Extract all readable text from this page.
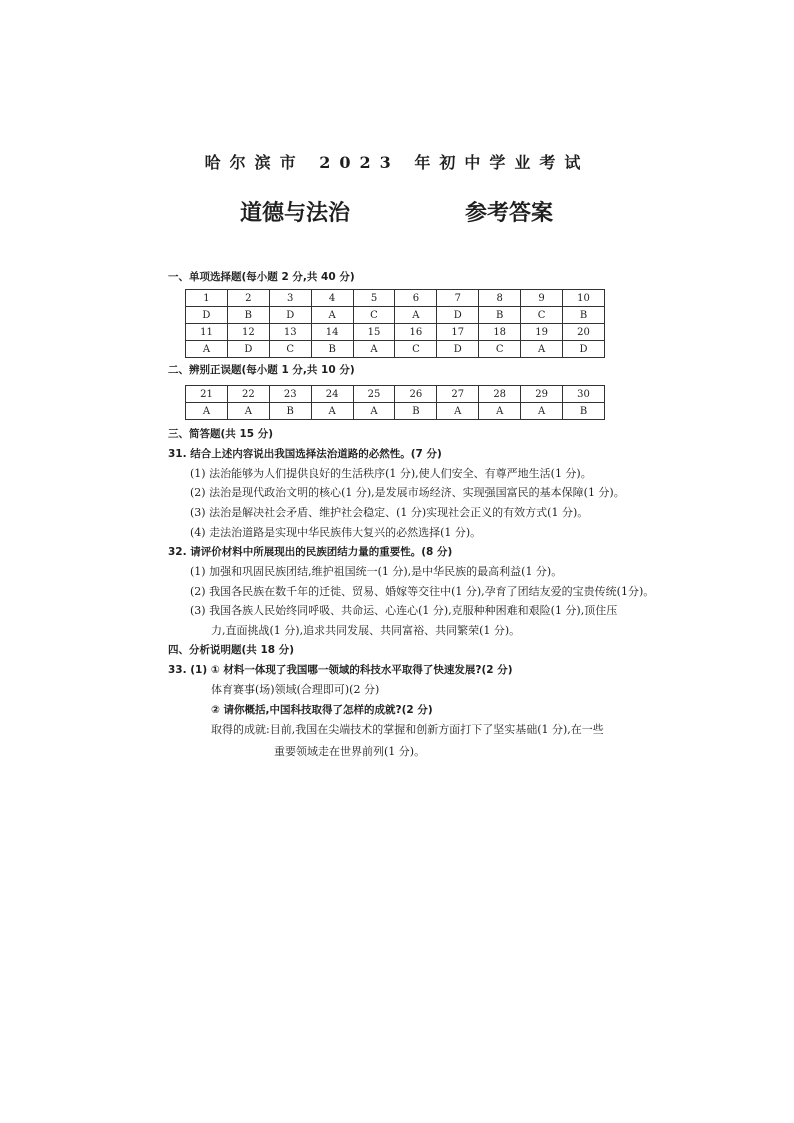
哈尔滨市 2023 年初中学业考试
道德与法治	参考答案
一、单项选择题(每小题 2 分,共 40 分)
1	2	3	4	5	6	7	8	9	10
D	B	D	A	C	A	D	B	C	B
11	12	13	14	15	16	17	18	19	20
A	D	C	B	A	C	D	C	A	D
二、辨别正误题(每小题 1 分,共 10 分)
21	22	23	24	25	26	27	28	29	30
A	A	B	A	A	B	A	A	A	B
三、简答题(共 15 分)
31. 结合上述内容说出我国选择法治道路的必然性。(7 分)
(1) 法治能够为人们提供良好的生活秩序(1 分),使人们安全、有尊严地生活(1 分)。
(2) 法治是现代政治文明的核心(1 分),是发展市场经济、实现强国富民的基本保障(1 分)。
(3) 法治是解决社会矛盾、维护社会稳定、(1 分)实现社会正义的有效方式(1 分)。
(4) 走法治道路是实现中华民族伟大复兴的必然选择(1 分)。
32. 请评价材料中所展现出的民族团结力量的重要性。(8 分)
(1) 加强和巩固民族团结,维护祖国统一(1 分),是中华民族的最高利益(1 分)。
(2) 我国各民族在数千年的迁徙、贸易、婚嫁等交往中(1 分),孕育了团结友爱的宝贵传统(1分)。
(3) 我国各族人民始终同呼吸、共命运、心连心(1 分),克服种种困难和艰险(1 分),顶住压
力,直面挑战(1 分),追求共同发展、共同富裕、共同繁荣(1 分)。
四、分析说明题(共 18 分)
33. (1) ① 材料一体现了我国哪一领域的科技水平取得了快速发展?(2 分)
体育赛事(场)领域(合理即可)(2 分)
② 请你概括,中国科技取得了怎样的成就?(2 分)
取得的成就:目前,我国在尖端技术的掌握和创新方面打下了坚实基础(1 分),在一些
重要领域走在世界前列(1 分)。
